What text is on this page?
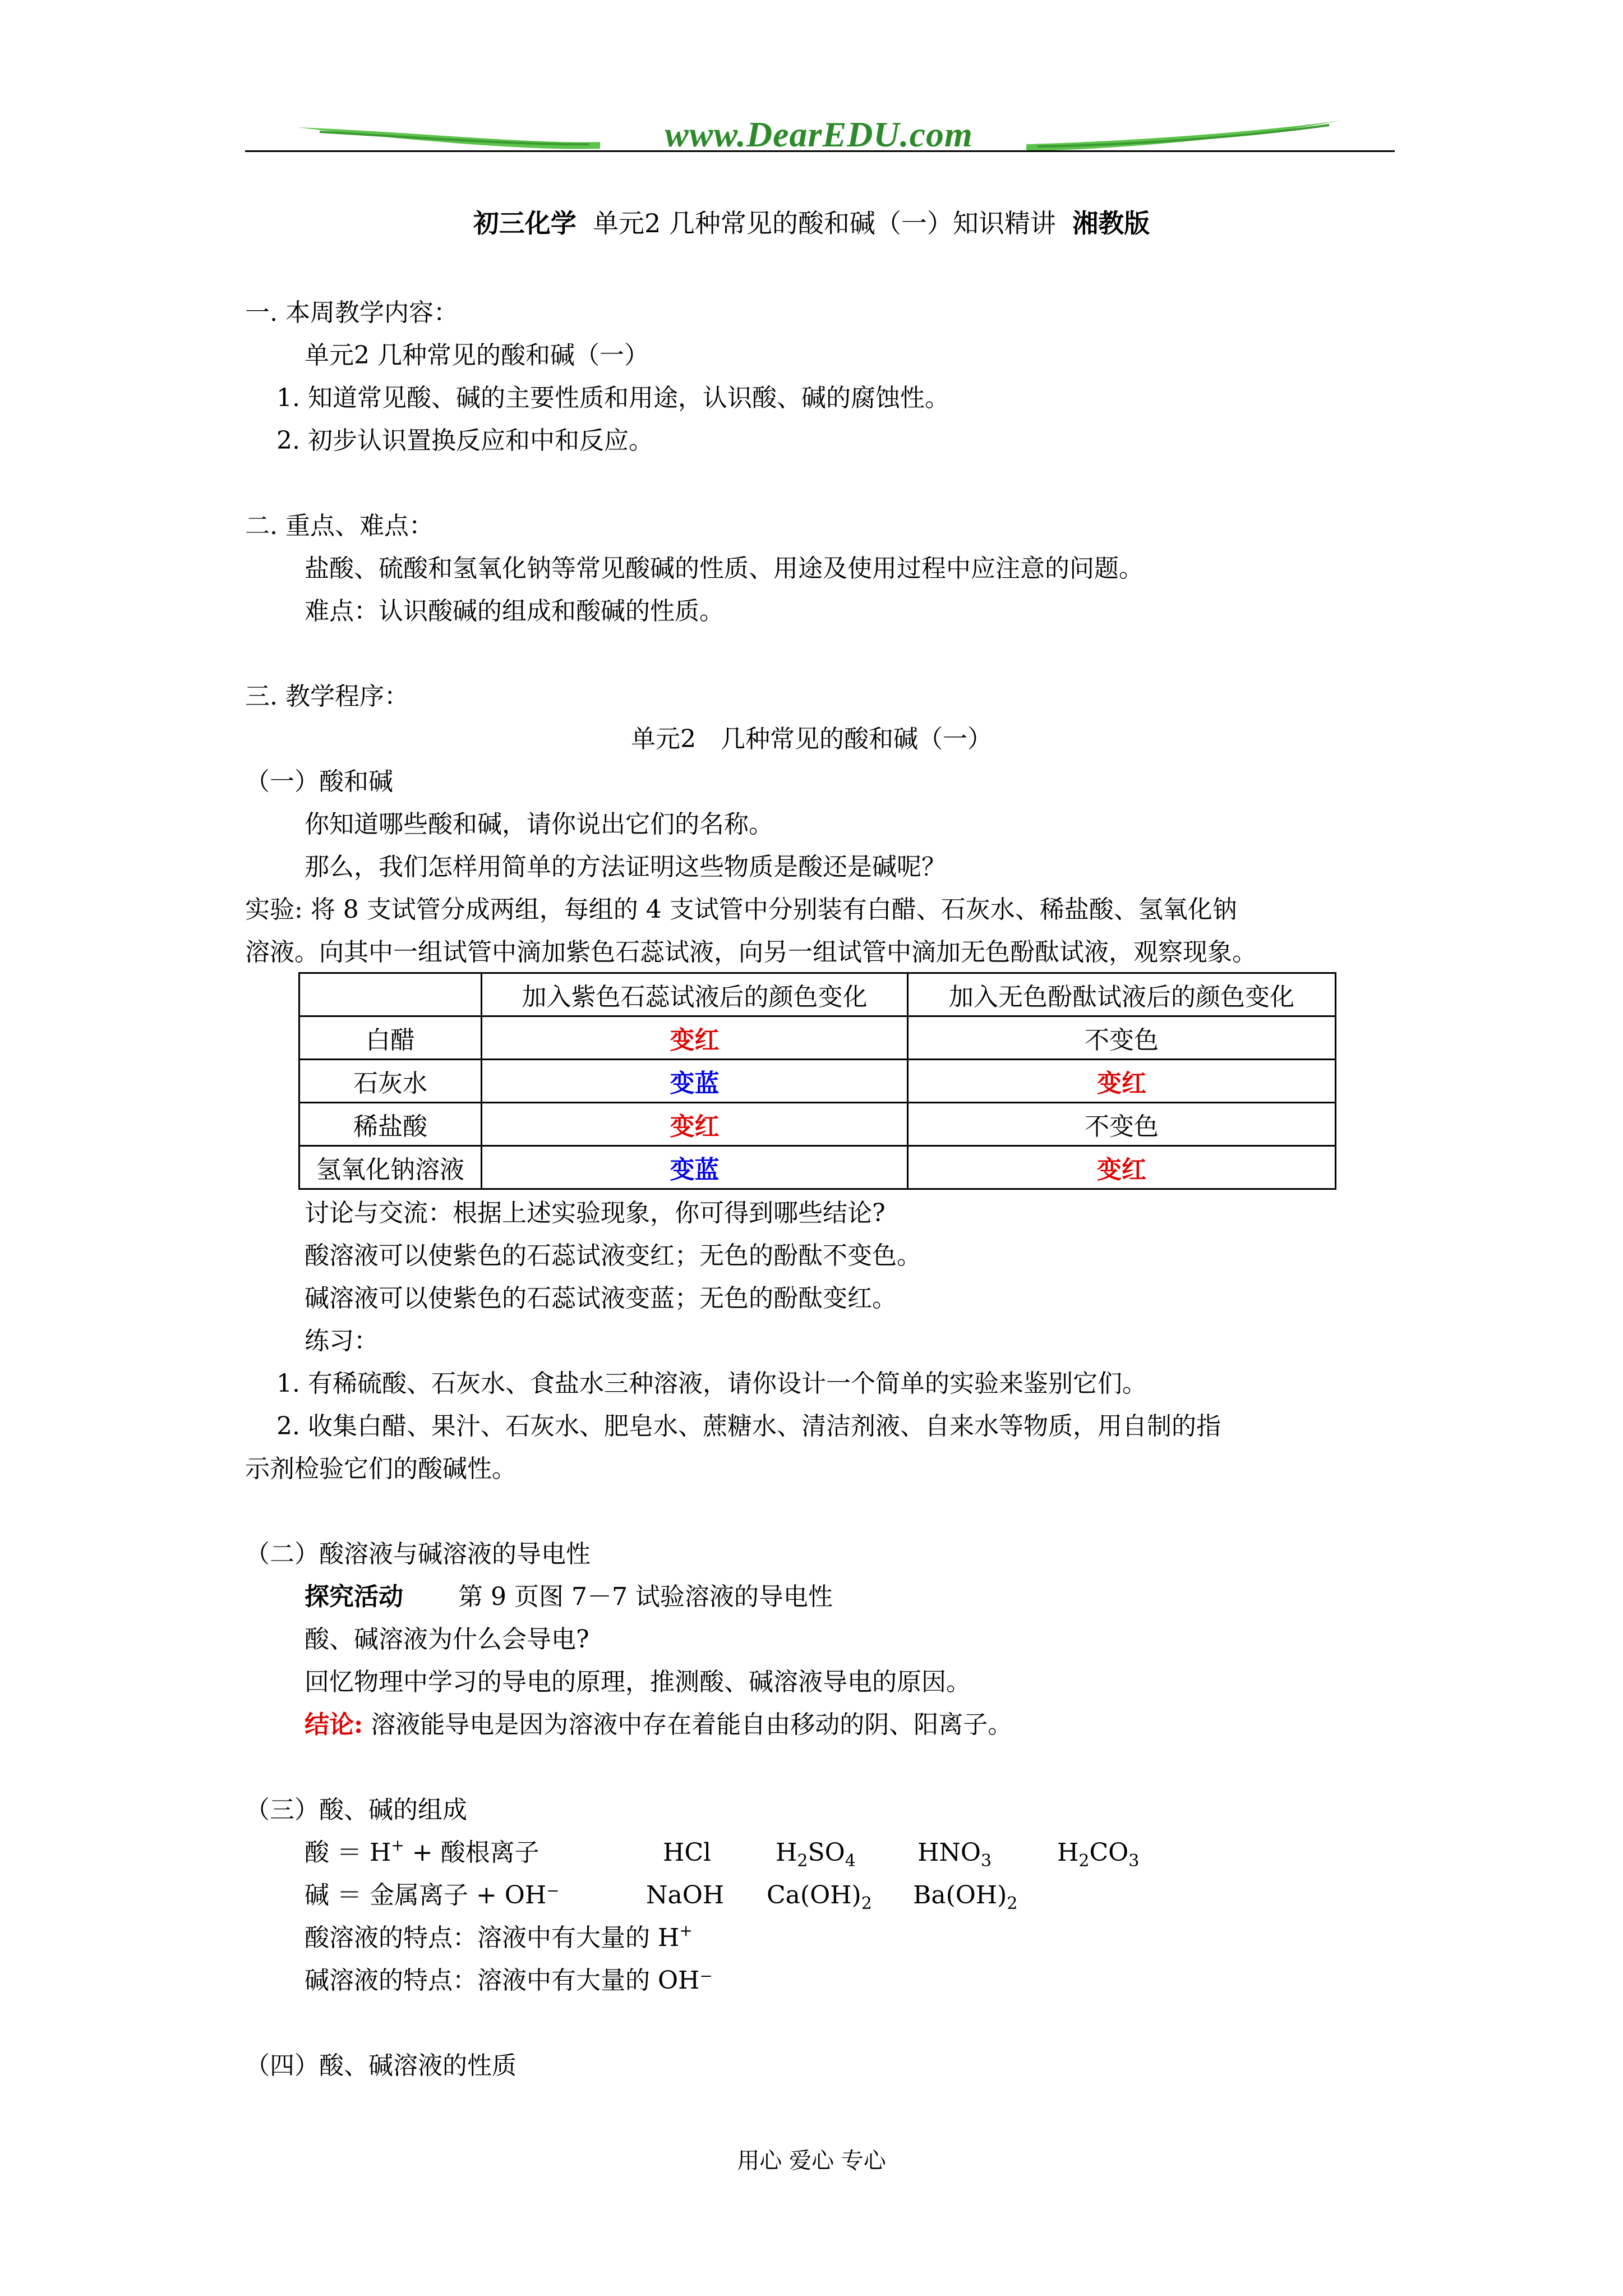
www.DearEDU.com
初三化学 单元2 几种常见的酸和碱（一）知识精讲 湘教版
一. 本周教学内容：
单元2 几种常见的酸和碱（一）
1. 知道常见酸、碱的主要性质和用途，认识酸、碱的腐蚀性。
2. 初步认识置换反应和中和反应。
二. 重点、难点：
盐酸、硫酸和氢氧化钠等常见酸碱的性质、用途及使用过程中应注意的问题。
难点：认识酸碱的组成和酸碱的性质。
三. 教学程序：
单元2　几种常见的酸和碱（一）
（一）酸和碱
你知道哪些酸和碱，请你说出它们的名称。
那么，我们怎样用简单的方法证明这些物质是酸还是碱呢？
实验: 将 8 支试管分成两组，每组的 4 支试管中分别装有白醋、石灰水、稀盐酸、氢氧化钠
溶液。向其中一组试管中滴加紫色石蕊试液，向另一组试管中滴加无色酚酞试液，观察现象。
	加入紫色石蕊试液后的颜色变化	加入无色酚酞试液后的颜色变化
白醋	变红	不变色
石灰水	变蓝	变红
稀盐酸	变红	不变色
氢氧化钠溶液	变蓝	变红
讨论与交流：根据上述实验现象，你可得到哪些结论?
酸溶液可以使紫色的石蕊试液变红；无色的酚酞不变色。
碱溶液可以使紫色的石蕊试液变蓝；无色的酚酞变红。
练习：
1. 有稀硫酸、石灰水、食盐水三种溶液，请你设计一个简单的实验来鉴别它们。
2. 收集白醋、果汁、石灰水、肥皂水、蔗糖水、清洁剂液、自来水等物质，用自制的指
示剂检验它们的酸碱性。
（二）酸溶液与碱溶液的导电性
探究活动 第 9 页图 7－7 试验溶液的导电性
酸、碱溶液为什么会导电?
回忆物理中学习的导电的原理，推测酸、碱溶液导电的原因。
结论: 溶液能导电是因为溶液中存在着能自由移动的阴、阳离子。
（三）酸、碱的组成
酸 ＝ H+ + 酸根离子	HCl	$H_2SO_4$	$HNO_3$	$H_2CO_3$
碱 ＝ 金属离子 + OH⁻	NaOH $Ca(OH)_2$ $Ba(OH)_2$
酸溶液的特点：溶液中有大量的 H+
碱溶液的特点：溶液中有大量的 OH⁻
（四）酸、碱溶液的性质
用心 爱心 专心
